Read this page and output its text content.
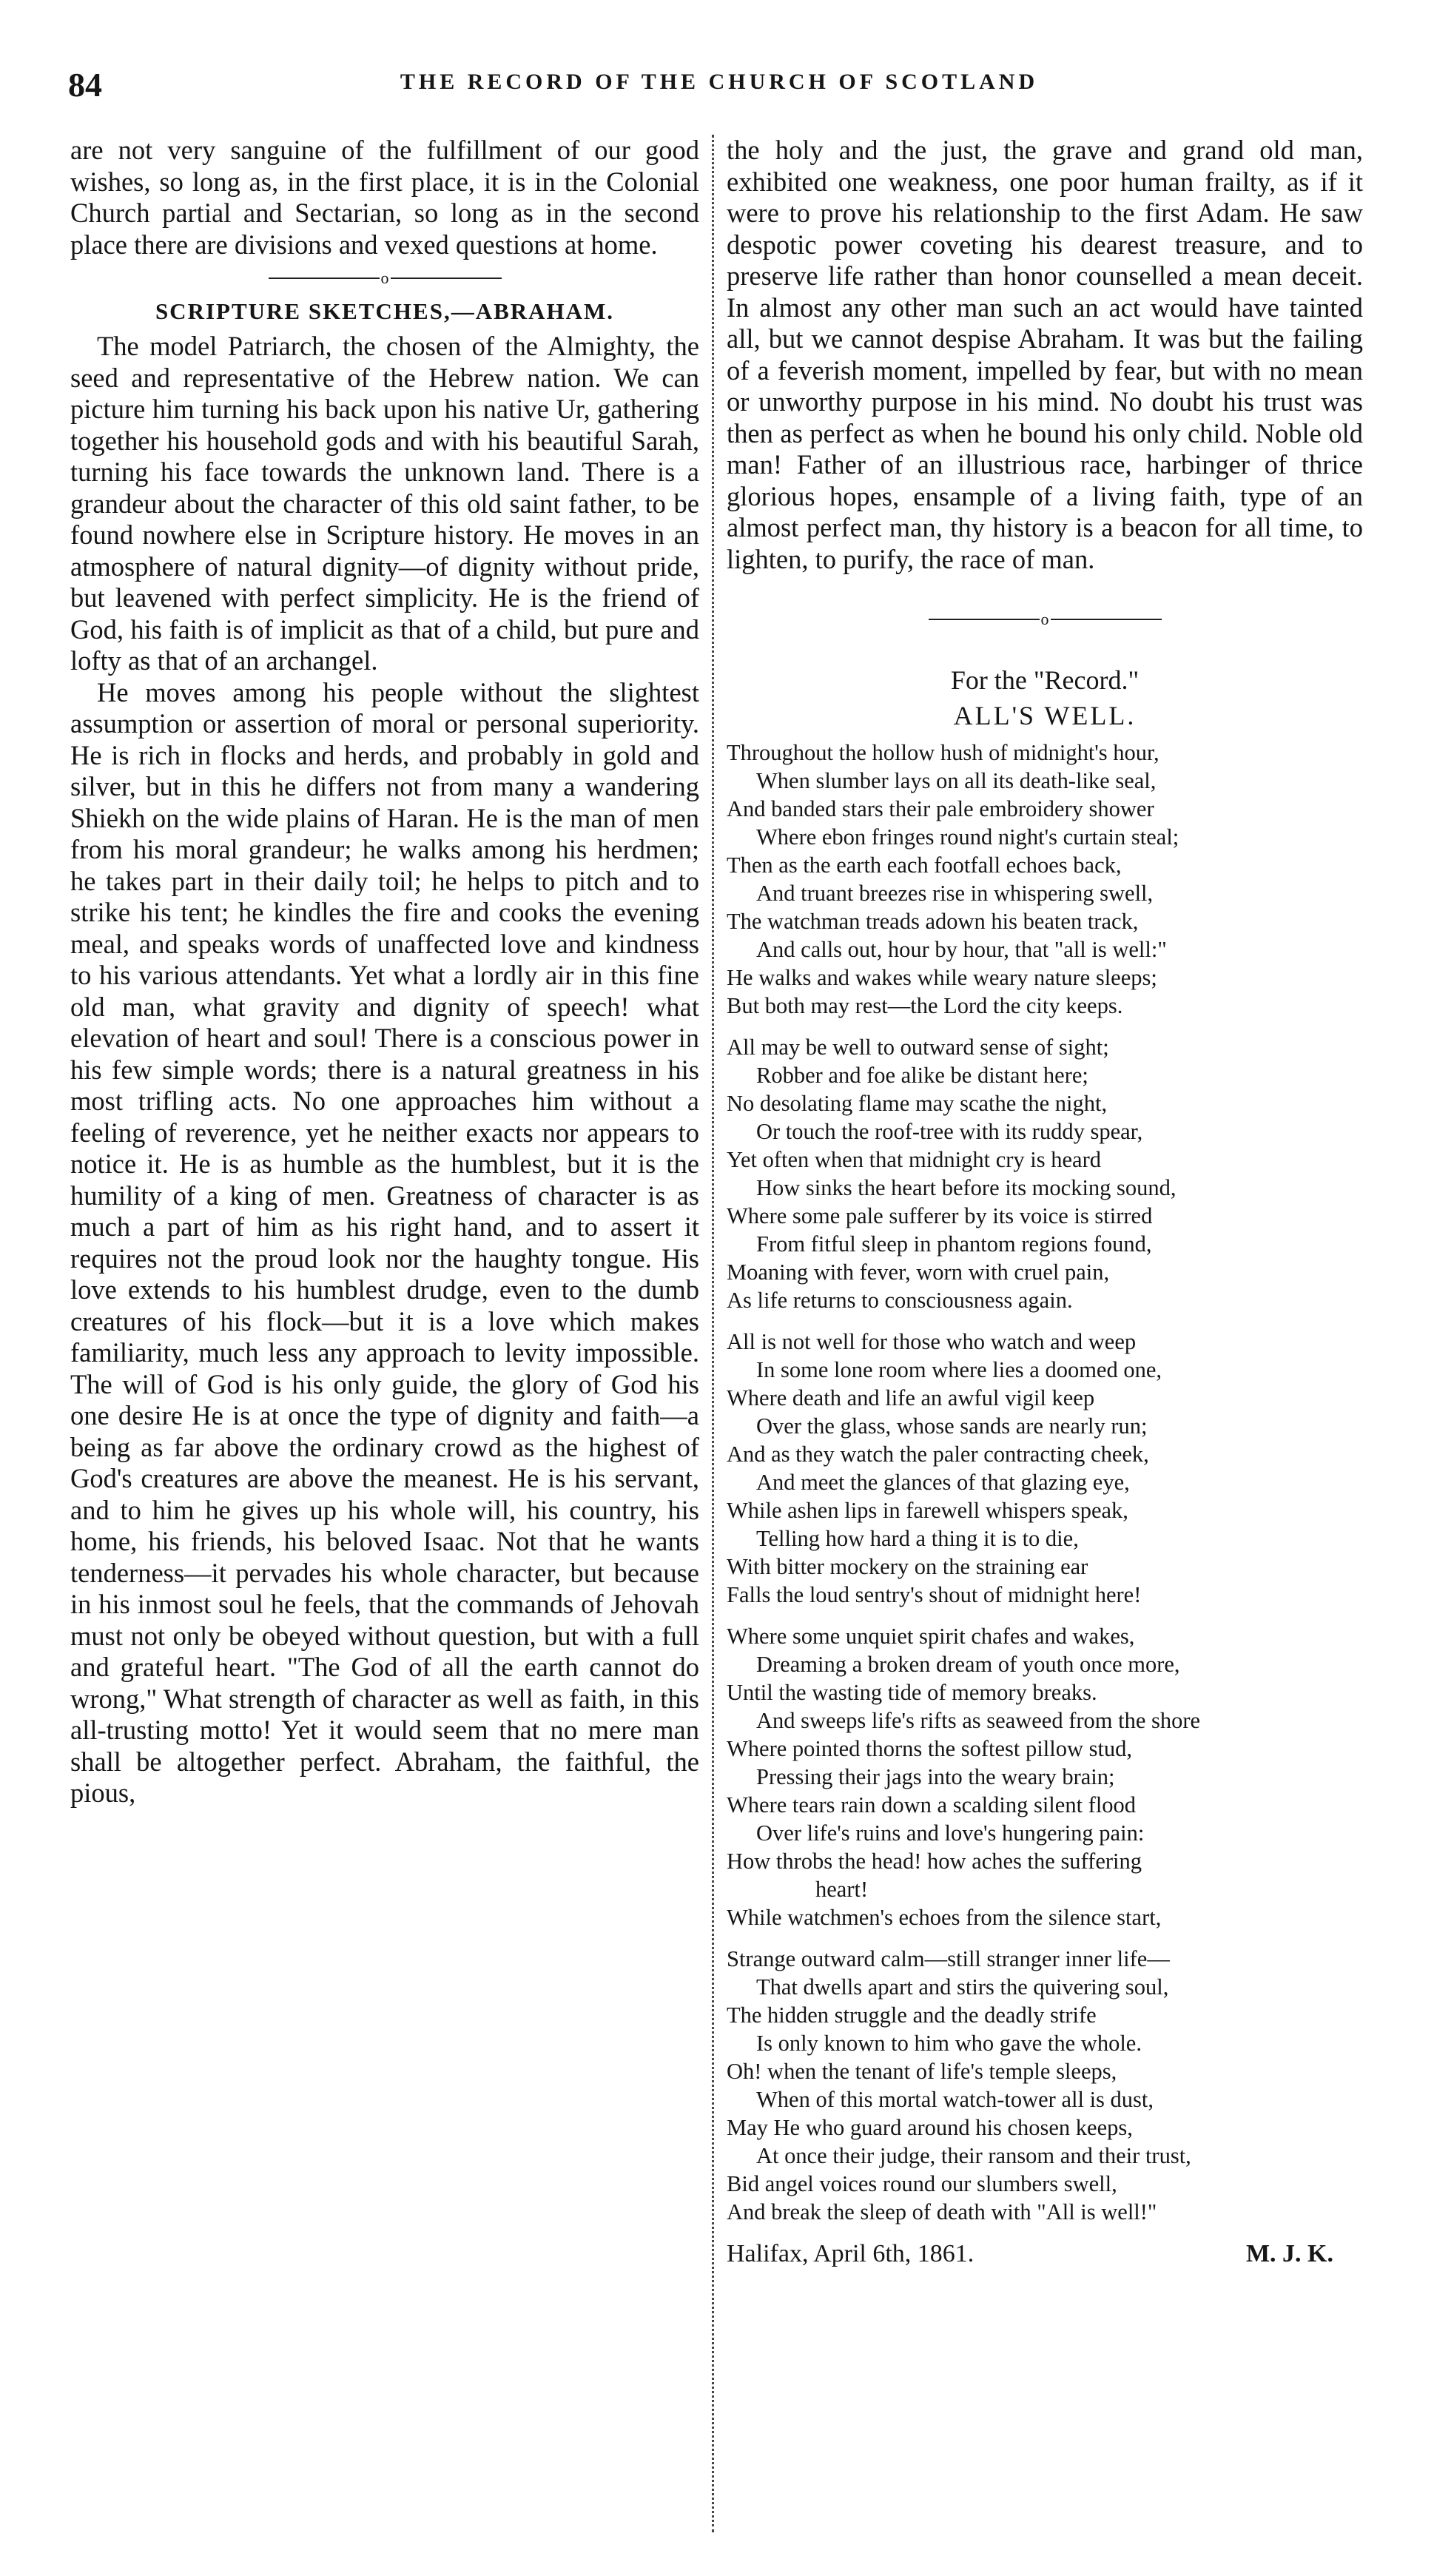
84	THE RECORD OF THE CHURCH OF SCOTLAND

are not very sanguine of the fulfillment of our good wishes, so long as, in the first place, it is in the Colonial Church partial and Sectarian, so long as in the second place there are divisions and vexed questions at home.

o
SCRIPTURE SKETCHES,—ABRAHAM.

The model Patriarch, the chosen of the Almighty, the seed and representative of the Hebrew nation. We can picture him turning his back upon his native Ur, gathering together his household gods and with his beautiful Sarah, turning his face towards the unknown land. There is a grandeur about the character of this old saint father, to be found nowhere else in Scripture history. He moves in an atmosphere of natural dignity—of dignity without pride, but leavened with perfect simplicity. He is the friend of God, his faith is of implicit as that of a child, but pure and lofty as that of an archangel.

He moves among his people without the slightest assumption or assertion of moral or personal superiority. He is rich in flocks and herds, and probably in gold and silver, but in this he differs not from many a wandering Shiekh on the wide plains of Haran. He is the man of men from his moral grandeur; he walks among his herdmen; he takes part in their daily toil; he helps to pitch and to strike his tent; he kindles the fire and cooks the evening meal, and speaks words of unaffected love and kindness to his various attendants. Yet what a lordly air in this fine old man, what gravity and dignity of speech! what elevation of heart and soul! There is a conscious power in his few simple words; there is a natural greatness in his most trifling acts. No one approaches him without a feeling of reverence, yet he neither exacts nor appears to notice it. He is as humble as the humblest, but it is the humility of a king of men. Greatness of character is as much a part of him as his right hand, and to assert it requires not the proud look nor the haughty tongue. His love extends to his humblest drudge, even to the dumb creatures of his flock—but it is a love which makes familiarity, much less any approach to levity impossible. The will of God is his only guide, the glory of God his one desire He is at once the type of dignity and faith—a being as far above the ordinary crowd as the highest of God's creatures are above the meanest. He is his servant, and to him he gives up his whole will, his country, his home, his friends, his beloved Isaac. Not that he wants tenderness—it pervades his whole character, but because in his inmost soul he feels, that the commands of Jehovah must not only be obeyed without question, but with a full and grateful heart. "The God of all the earth cannot do wrong," What strength of character as well as faith, in this all-trusting motto! Yet it would seem that no mere man shall be altogether perfect. Abraham, the faithful, the pious,

the holy and the just, the grave and grand old man, exhibited one weakness, one poor human frailty, as if it were to prove his relationship to the first Adam. He saw despotic power coveting his dearest treasure, and to preserve life rather than honor counselled a mean deceit. In almost any other man such an act would have tainted all, but we cannot despise Abraham. It was but the failing of a feverish moment, impelled by fear, but with no mean or unworthy purpose in his mind. No doubt his trust was then as perfect as when he bound his only child. Noble old man! Father of an illustrious race, harbinger of thrice glorious hopes, ensample of a living faith, type of an almost perfect man, thy history is a beacon for all time, to lighten, to purify, the race of man.

o
For the "Record."
ALL'S WELL.
Throughout the hollow hush of midnight's hour,
When slumber lays on all its death-like seal,
And banded stars their pale embroidery shower
Where ebon fringes round night's curtain steal;
Then as the earth each footfall echoes back,
And truant breezes rise in whispering swell,
The watchman treads adown his beaten track,
And calls out, hour by hour, that "all is well:"
He walks and wakes while weary nature sleeps;
But both may rest—the Lord the city keeps.
All may be well to outward sense of sight;
Robber and foe alike be distant here;
No desolating flame may scathe the night,
Or touch the roof-tree with its ruddy spear,
Yet often when that midnight cry is heard
How sinks the heart before its mocking sound,
Where some pale sufferer by its voice is stirred
From fitful sleep in phantom regions found,
Moaning with fever, worn with cruel pain,
As life returns to consciousness again.
All is not well for those who watch and weep
In some lone room where lies a doomed one,
Where death and life an awful vigil keep
Over the glass, whose sands are nearly run;
And as they watch the paler contracting cheek,
And meet the glances of that glazing eye,
While ashen lips in farewell whispers speak,
Telling how hard a thing it is to die,
With bitter mockery on the straining ear
Falls the loud sentry's shout of midnight here!
Where some unquiet spirit chafes and wakes,
Dreaming a broken dream of youth once more,
Until the wasting tide of memory breaks.
And sweeps life's rifts as seaweed from the shore
Where pointed thorns the softest pillow stud,
Pressing their jags into the weary brain;
Where tears rain down a scalding silent flood
Over life's ruins and love's hungering pain:
How throbs the head! how aches the suffering
heart!
While watchmen's echoes from the silence start,
Strange outward calm—still stranger inner life—
That dwells apart and stirs the quivering soul,
The hidden struggle and the deadly strife
Is only known to him who gave the whole.
Oh! when the tenant of life's temple sleeps,
When of this mortal watch-tower all is dust,
May He who guard around his chosen keeps,
At once their judge, their ransom and their trust,
Bid angel voices round our slumbers swell,
And break the sleep of death with "All is well!"
Halifax, April 6th, 1861.	M. J. K.
